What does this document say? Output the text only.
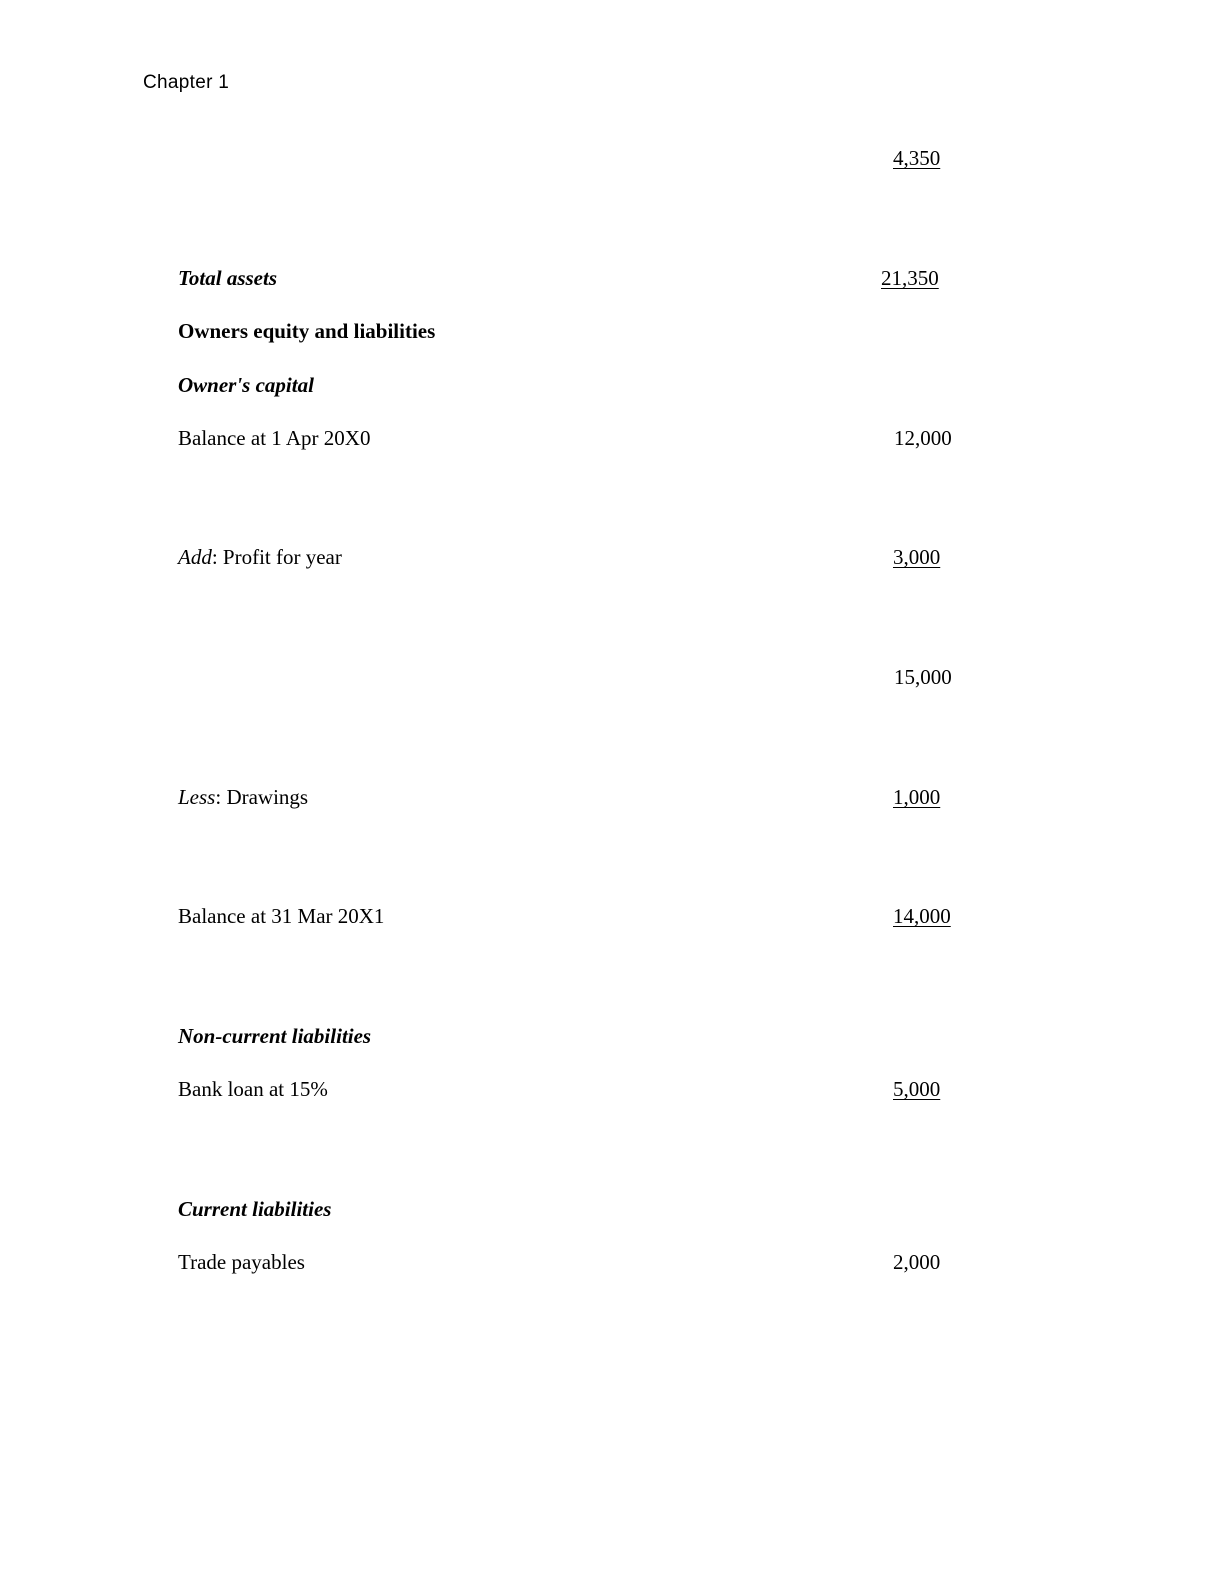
Chapter 1
4,350
Total assets	21,350
Owners equity and liabilities
Owner's capital
Balance at 1 Apr 20X0	12,000
Add: Profit for year	3,000
15,000
Less: Drawings	1,000
Balance at 31 Mar 20X1	14,000
Non-current liabilities
Bank loan at 15%	5,000
Current liabilities
Trade payables	2,000
